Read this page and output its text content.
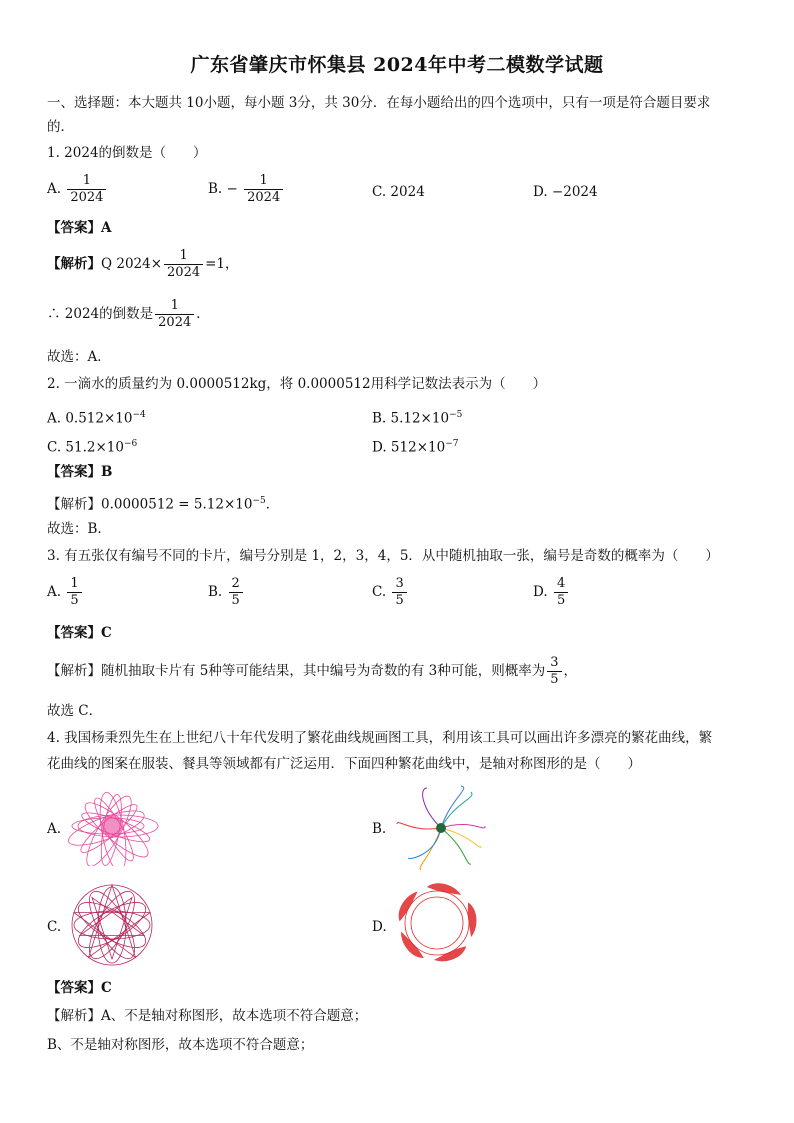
广东省肇庆市怀集县 2024年中考二模数学试题
一、选择题：本大题共 10小题，每小题 3分，共 30分．在每小题给出的四个选项中，只有一项是符合题目要求
的．
1. 2024的倒数是（　　）
A. $\frac{1}{2024}$	B. − $\frac{1}{2024}$	C. 2024	D. −2024
【答案】A
【解析】Q $2024\times \frac{1}{2024} =1$，
∴ 2024的倒数是 $\frac{1}{2024}$ ．
故选：A．
2. 一滴水的质量约为 0.0000512kg，将 0.0000512用科学记数法表示为（　　）
A. $0.512\times 10^{-4}$	B. $5.12\times 10^{-5}$
C. $51.2\times 10^{-6}$	D. $512\times 10^{-7}$
【答案】B
【解析】$0.0000512 = 5.12\times 10^{-5}$．
故选：B．
3. 有五张仅有编号不同的卡片，编号分别是 1，2，3，4，5．从中随机抽取一张，编号是奇数的概率为（　　）
A. $\frac{1}{5}$	B. $\frac{2}{5}$	C. $\frac{3}{5}$	D. $\frac{4}{5}$
【答案】C
【解析】随机抽取卡片有 5种等可能结果，其中编号为奇数的有 3种可能，则概率为 $\frac{3}{5}$ ，
故选 C．
4. 我国杨秉烈先生在上世纪八十年代发明了繁花曲线规画图工具，利用该工具可以画出许多漂亮的繁花曲线，繁
花曲线的图案在服装、餐具等领域都有广泛运用．下面四种繁花曲线中，是轴对称图形的是（　　）
A.	B.
C.	D.
【答案】C
【解析】A、不是轴对称图形，故本选项不符合题意；
B、不是轴对称图形，故本选项不符合题意；
